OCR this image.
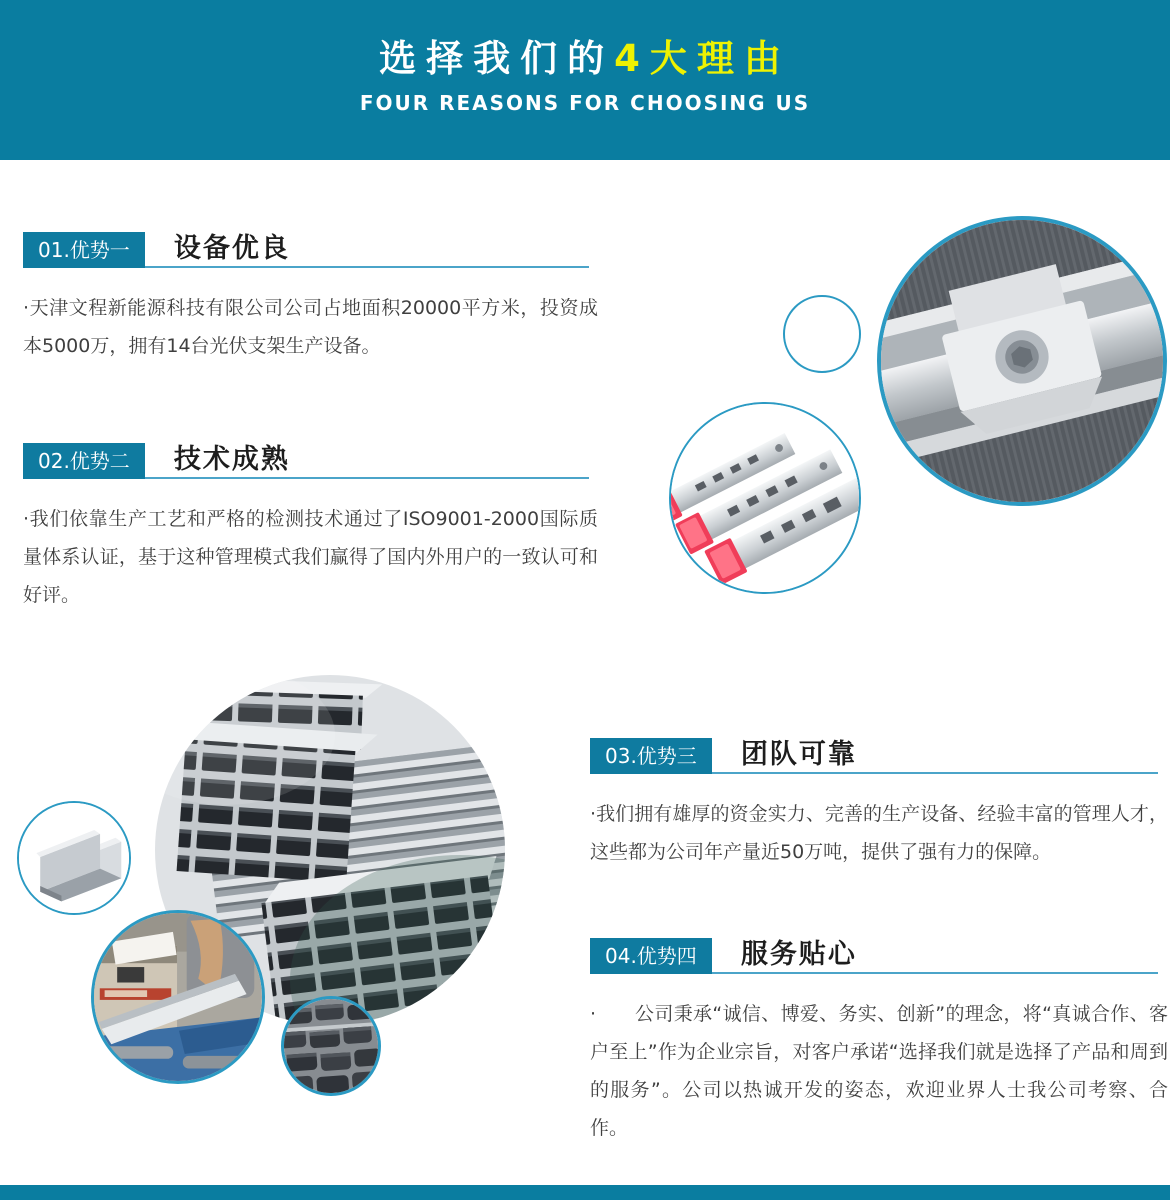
选择我们的4大理由
FOUR REASONS FOR CHOOSING US
01.优势一 设备优良

·天津文程新能源科技有限公司公司占地面积20000平方米，投资成本5000万，拥有14台光伏支架生产设备。

02.优势二 技术成熟

·我们依靠生产工艺和严格的检测技术通过了ISO9001-2000国际质量体系认证，基于这种管理模式我们赢得了国内外用户的一致认可和好评。

03.优势三 团队可靠

·我们拥有雄厚的资金实力、完善的生产设备、经验丰富的管理人才，这些都为公司年产量近50万吨，提供了强有力的保障。

04.优势四 服务贴心

·　　公司秉承“诚信、博爱、务实、创新”的理念，将“真诚合作、客户至上”作为企业宗旨，对客户承诺“选择我们就是选择了产品和周到的服务”。公司以热诚开发的姿态，欢迎业界人士我公司考察、合作。
